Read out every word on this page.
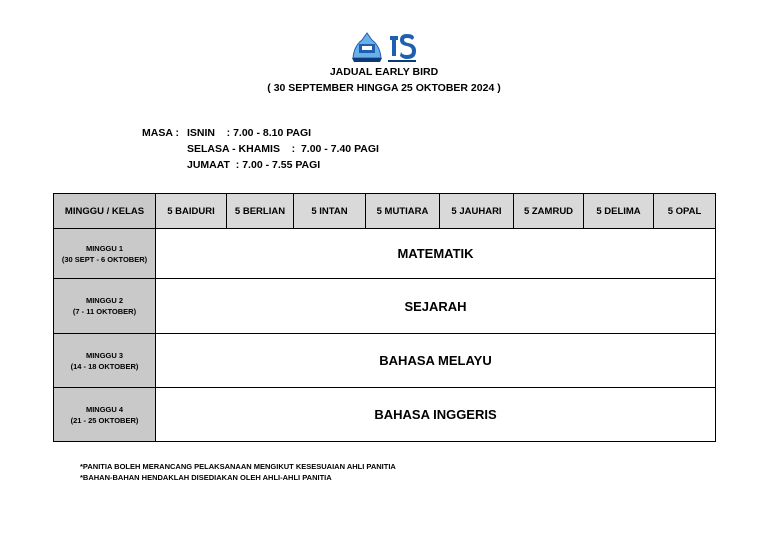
JADUAL EARLY BIRD
( 30 SEPTEMBER HINGGA 25 OKTOBER 2024 )
MASA : ISNIN    : 7.00 - 8.10 PAGI
SELASA - KHAMIS    :  7.00 - 7.40 PAGI
JUMAAT  : 7.00 - 7.55 PAGI
MINGGU / KELAS	5 BAIDURI	5 BERLIAN	5 INTAN	5 MUTIARA	5 JAUHARI	5 ZAMRUD	5 DELIMA	5 OPAL

MINGGU 1
(30 SEPT - 6 OKTOBER)	MATEMATIK							

MINGGU 2
(7 - 11 OKTOBER)	SEJARAH							

MINGGU 3
(14 - 18 OKTOBER)	BAHASA MELAYU							

MINGGU 4
(21 - 25 OKTOBER)	BAHASA INGGERIS							
*PANITIA BOLEH MERANCANG PELAKSANAAN MENGIKUT KESESUAIAN AHLI PANITIA
*BAHAN-BAHAN HENDAKLAH DISEDIAKAN OLEH AHLI-AHLI PANITIA
